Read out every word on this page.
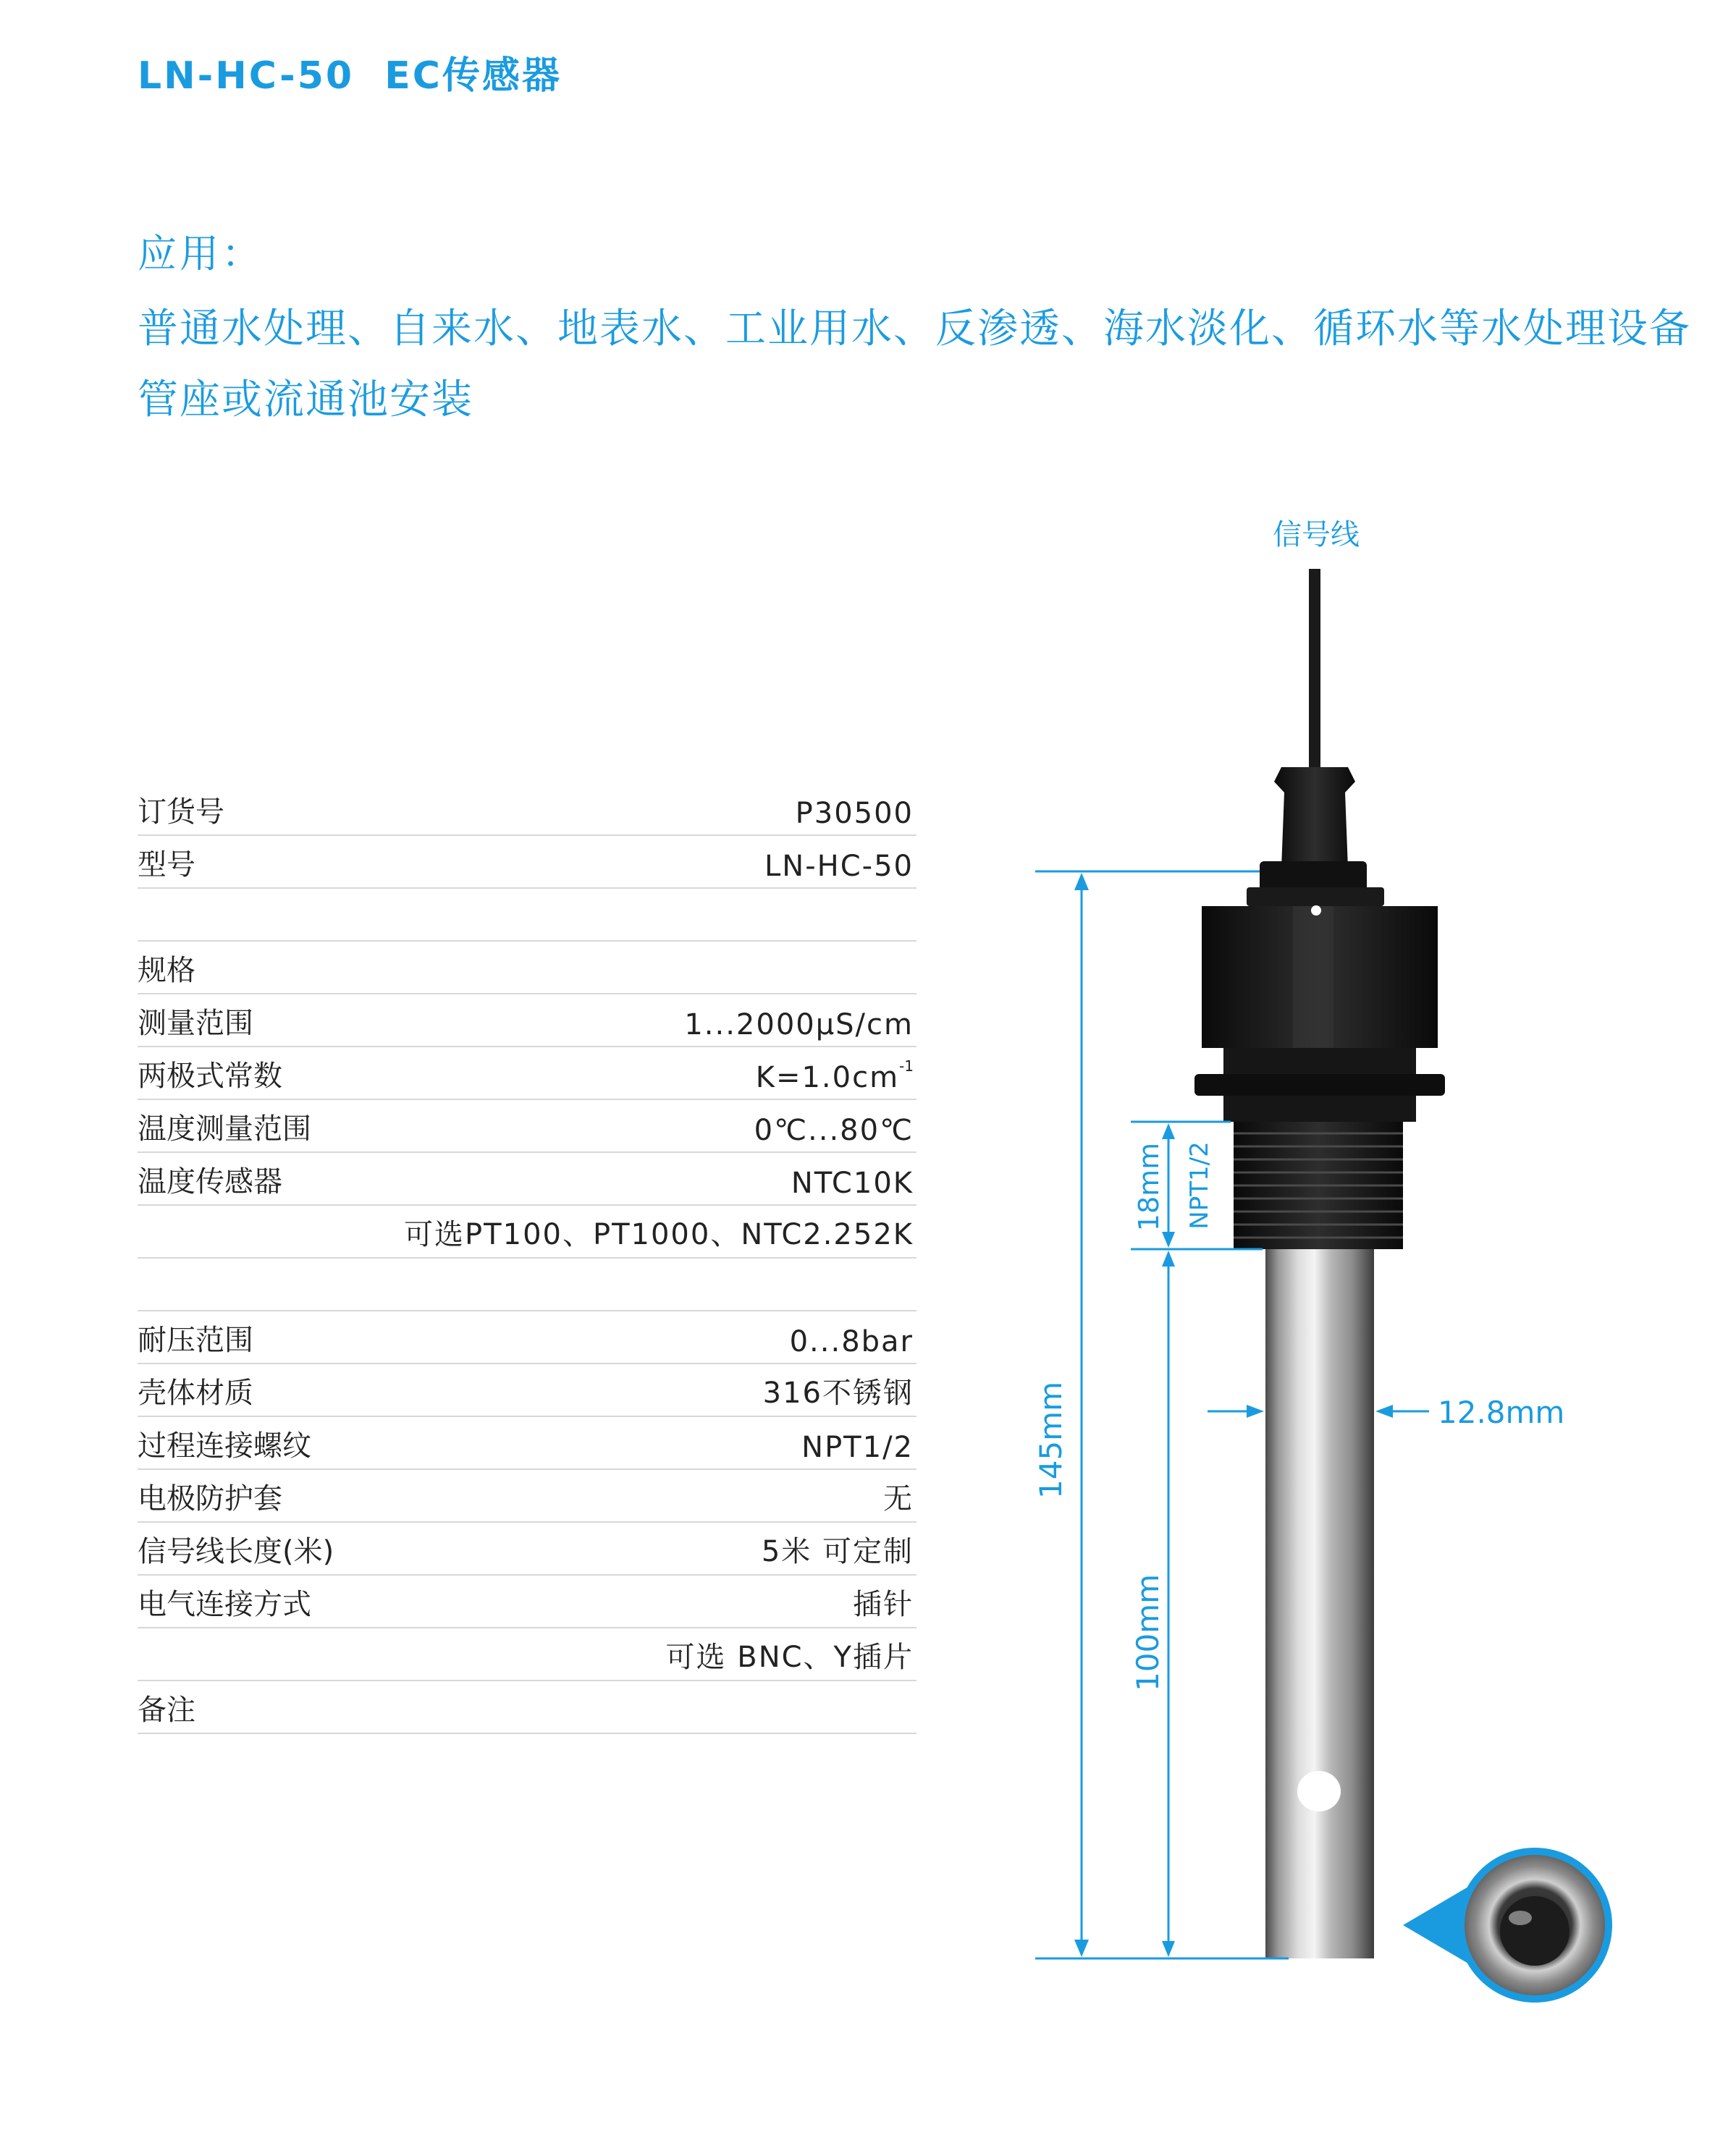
LN-HC-50  EC传感器
应用：
普通水处理、自来水、地表水、工业用水、反渗透、海水淡化、循环水等水处理设备
管座或流通池安装
订货号	P30500
型号	LN-HC-50
规格
测量范围	1...2000μS/cm
两极式常数	$K=1.0cm^{-1}$
温度测量范围	0℃...80℃
温度传感器	NTC10K
可选PT100、PT1000、NTC2.252K
耐压范围	0...8bar
壳体材质	316不锈钢
过程连接螺纹	NPT1/2
电极防护套	无
信号线长度(米)	5米 可定制
电气连接方式	插针
可选 BNC、Y插片
备注
信号线
145mm
18mm NPT1/2
100mm
12.8mm
